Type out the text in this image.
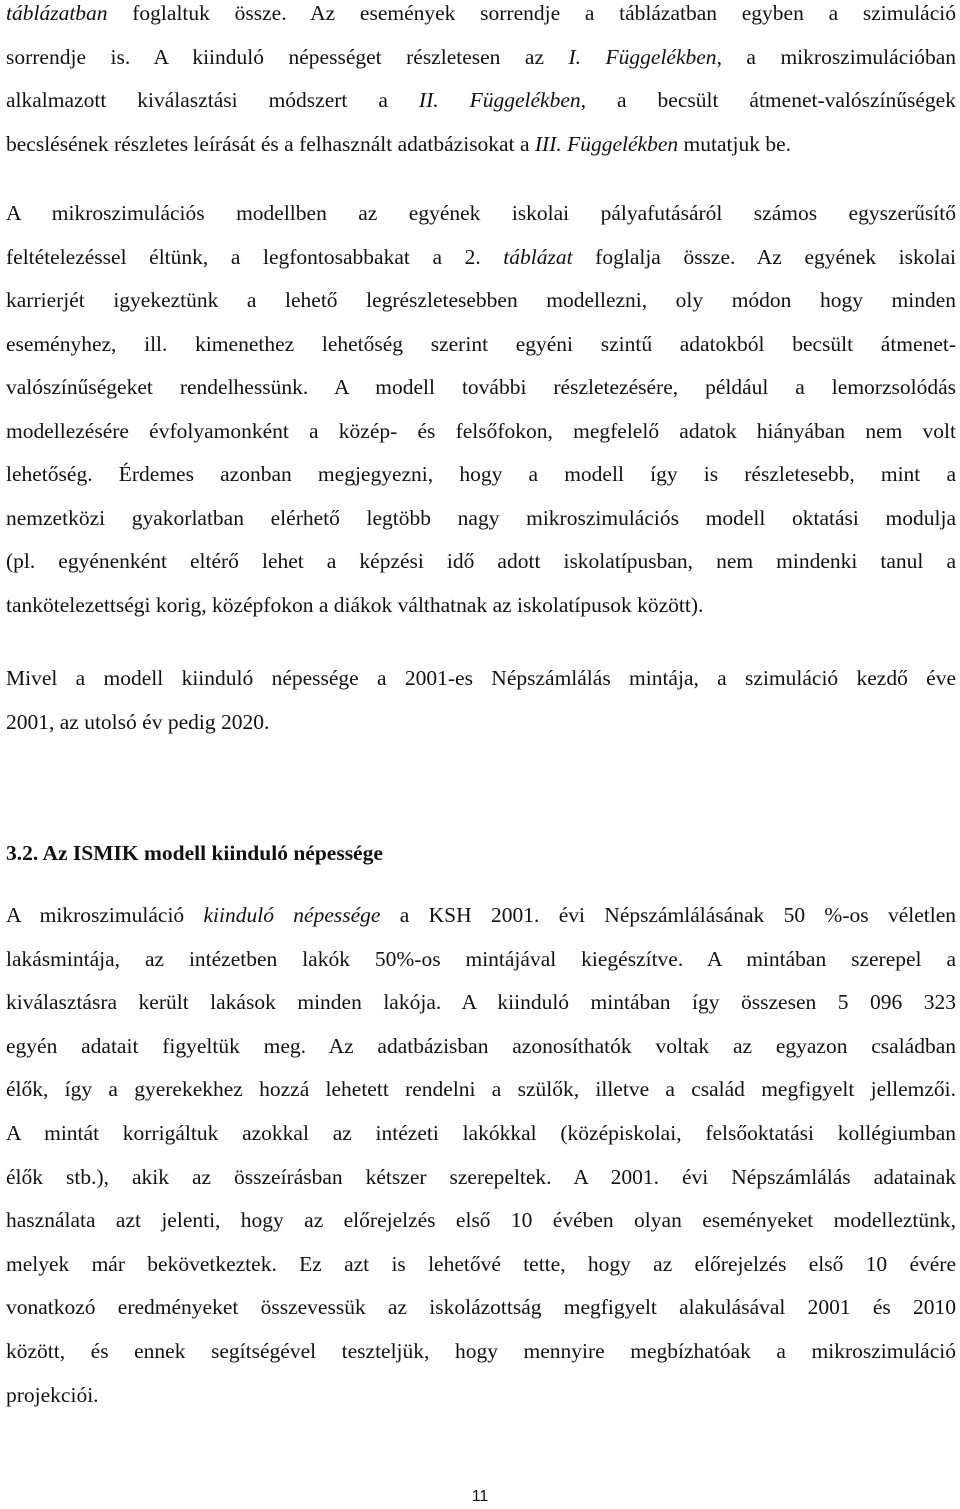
táblázatban foglaltuk össze. Az események sorrendje a táblázatban egyben a szimuláció
sorrendje is. A kiinduló népességet részletesen az I. Függelékben, a mikroszimulációban
alkalmazott kiválasztási módszert a II. Függelékben, a becsült átmenet-valószínűségek
becslésének részletes leírását és a felhasznált adatbázisokat a III. Függelékben mutatjuk be.
A mikroszimulációs modellben az egyének iskolai pályafutásáról számos egyszerűsítő
feltételezéssel éltünk, a legfontosabbakat a 2. táblázat foglalja össze. Az egyének iskolai
karrierjét igyekeztünk a lehető legrészletesebben modellezni, oly módon hogy minden
eseményhez, ill. kimenethez lehetőség szerint egyéni szintű adatokból becsült átmenet-
valószínűségeket rendelhessünk. A modell további részletezésére, például a lemorzsolódás
modellezésére évfolyamonként a közép- és felsőfokon, megfelelő adatok hiányában nem volt
lehetőség. Érdemes azonban megjegyezni, hogy a modell így is részletesebb, mint a
nemzetközi gyakorlatban elérhető legtöbb nagy mikroszimulációs modell oktatási modulja
(pl. egyénenként eltérő lehet a képzési idő adott iskolatípusban, nem mindenki tanul a
tankötelezettségi korig, középfokon a diákok válthatnak az iskolatípusok között).
Mivel a modell kiinduló népessége a 2001-es Népszámlálás mintája, a szimuláció kezdő éve
2001, az utolsó év pedig 2020.
3.2. Az ISMIK modell kiinduló népessége
A mikroszimuláció kiinduló népessége a KSH 2001. évi Népszámlálásának 50 %-os véletlen
lakásmintája, az intézetben lakók 50%-os mintájával kiegészítve. A mintában szerepel a
kiválasztásra került lakások minden lakója. A kiinduló mintában így összesen 5 096 323
egyén adatait figyeltük meg. Az adatbázisban azonosíthatók voltak az egyazon családban
élők, így a gyerekekhez hozzá lehetett rendelni a szülők, illetve a család megfigyelt jellemzői.
A mintát korrigáltuk azokkal az intézeti lakókkal (középiskolai, felsőoktatási kollégiumban
élők stb.), akik az összeírásban kétszer szerepeltek. A 2001. évi Népszámlálás adatainak
használata azt jelenti, hogy az előrejelzés első 10 évében olyan eseményeket modelleztünk,
melyek már bekövetkeztek. Ez azt is lehetővé tette, hogy az előrejelzés első 10 évére
vonatkozó eredményeket összevessük az iskolázottság megfigyelt alakulásával 2001 és 2010
között, és ennek segítségével teszteljük, hogy mennyire megbízhatóak a mikroszimuláció
projekciói.
11
